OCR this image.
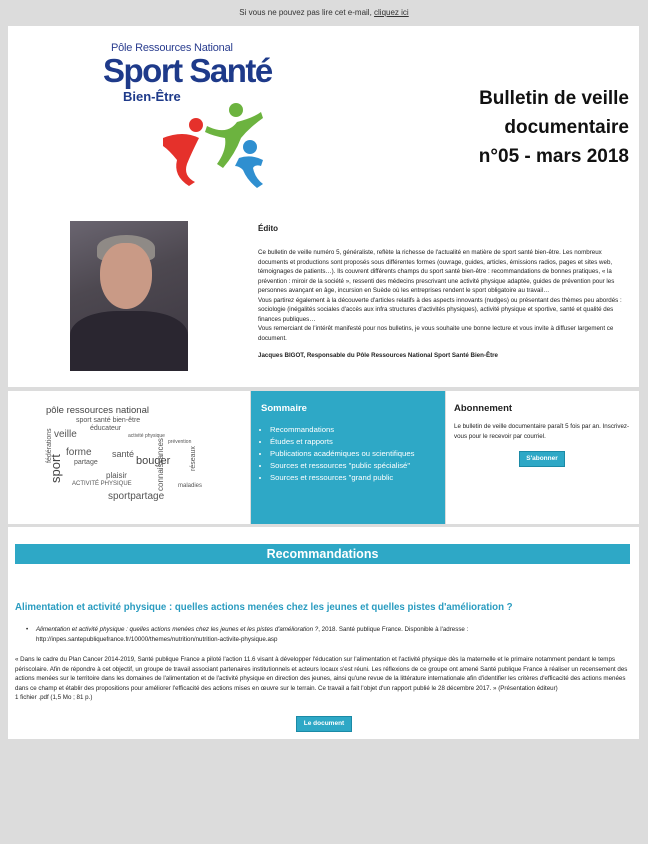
Si vous ne pouvez pas lire cet e-mail, cliquez ici
Pôle Ressources National
Sport Santé
Bien-Être	Bulletin de veille
documentaire
n°05 - mars 2018
Édito

Ce bulletin de veille numéro 5, généraliste, reflète la richesse de l'actualité en matière de sport santé bien-être. Les nombreux documents et productions sont proposés sous différentes formes (ouvrage, guides, articles, émissions radios, pages et sites web, témoignages de patients…). Ils couvrent différents champs du sport santé bien-être : recommandations de bonnes pratiques, « la prévention : miroir de la société », ressenti des médecins prescrivant une activité physique adaptée, guides de prévention pour les personnes avançant en âge, incursion en Suède où les entreprises rendent le sport obligatoire au travail…

Vous partirez également à la découverte d'articles relatifs à des aspects innovants (nudges) ou présentant des thèmes peu abordés : sociologie (inégalités sociales d'accès aux infra structures d'activités physiques), activité physique et sportive, santé et qualité des finances publiques…

Vous remerciant de l'intérêt manifesté pour nos bulletins, je vous souhaite une bonne lecture et vous invite à diffuser largement ce document.

Jacques BIGOT, Responsable du Pôle Ressources National Sport Santé Bien-Être
pôle ressources national
sport santé bien-être
veille
éducateur
activité physique
forme
fédérations	partage	bouger
plaisir
réseaux
connaissances
sportpartage
ACTIVITÉ PHYSIQUE
sport
santé
prévention
maladies
Sommaire
• Recommandations
• Études et rapports
• Publications académiques ou scientifiques
• Sources et ressources "public spécialisé"
• Sources et ressources "grand public
Abonnement

Le bulletin de veille documentaire paraît 5 fois par an. Inscrivez-vous pour le recevoir par courriel.

S'abonner
Recommandations
Alimentation et activité physique : quelles actions menées chez les jeunes et quelles pistes d'amélioration ?
• Alimentation et activité physique : quelles actions menées chez les jeunes et les pistes d'amélioration ?, 2018. Santé publique France. Disponible à l'adresse : http://inpes.santepubliquefrance.fr/10000/themes/nutrition/nutrition-activite-physique.asp

« Dans le cadre du Plan Cancer 2014-2019, Santé publique France a piloté l'action 11.6 visant à développer l'éducation sur l'alimentation et l'activité physique dès la maternelle et le primaire notamment pendant le temps périscolaire. Afin de répondre à cet objectif, un groupe de travail associant partenaires institutionnels et acteurs locaux s'est réuni. Les réflexions de ce groupe ont amené Santé publique France à réaliser un recensement des actions menées sur le territoire dans les domaines de l'alimentation et de l'activité physique en direction des jeunes, ainsi qu'une revue de la littérature internationale afin d'identifier les critères d'efficacité des actions menées dans ce champ et établir des propositions pour améliorer l'efficacité des actions mises en œuvre sur le terrain. Ce travail a fait l'objet d'un rapport publié le 28 décembre 2017. » (Présentation éditeur)

1 fichier .pdf (1,5 Mo ; 81 p.)

Le document
